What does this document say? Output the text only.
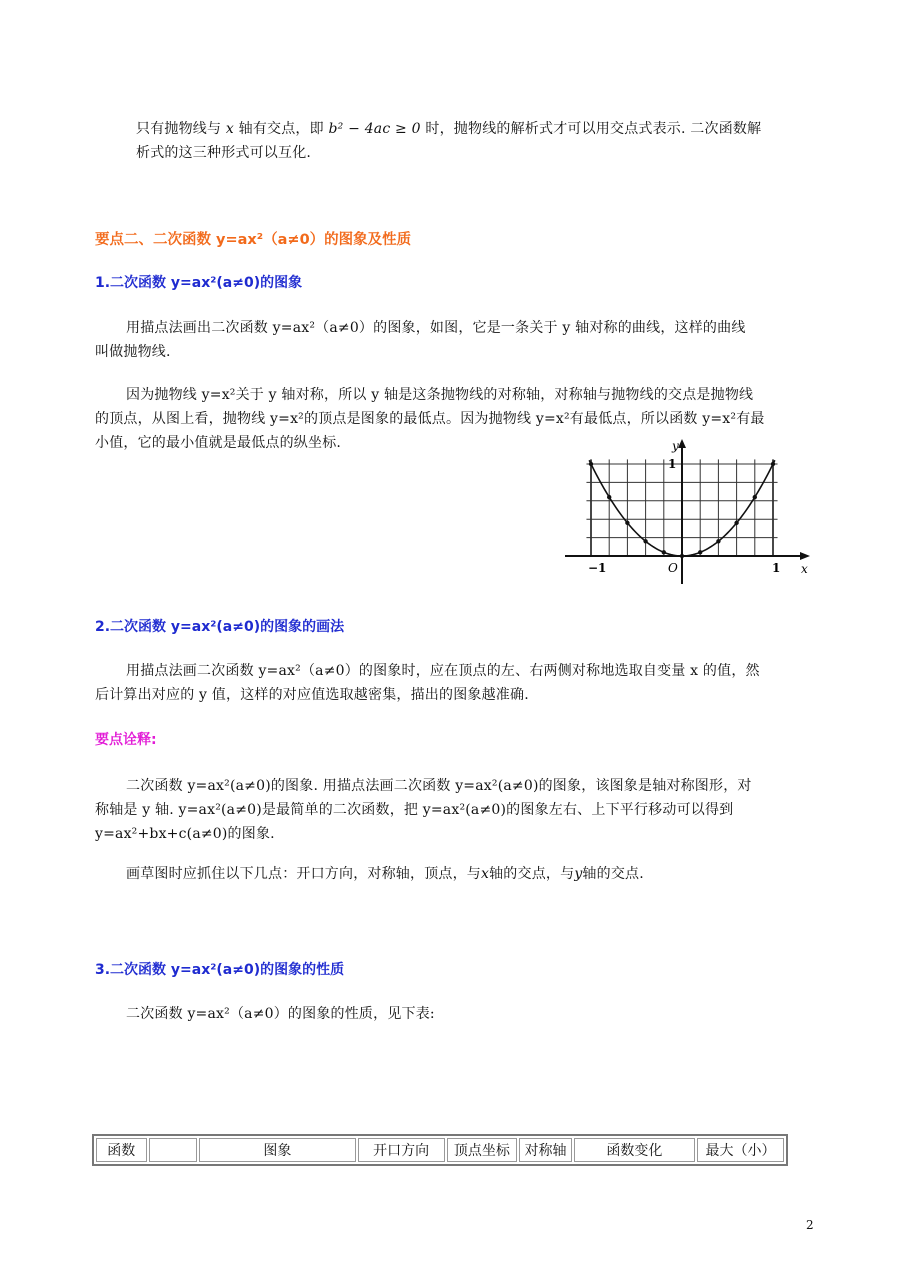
只有抛物线与 x 轴有交点，即 b² − 4ac ≥ 0 时，抛物线的解析式才可以用交点式表示. 二次函数解
析式的这三种形式可以互化.
要点二、二次函数 y=ax²（a≠0）的图象及性质
1.二次函数 y=ax²(a≠0)的图象
用描点法画出二次函数 y=ax²（a≠0）的图象，如图，它是一条关于 y 轴对称的曲线，这样的曲线
叫做抛物线.
因为抛物线 y=x²关于 y 轴对称，所以 y 轴是这条抛物线的对称轴，对称轴与抛物线的交点是抛物线
的顶点，从图上看，抛物线 y=x²的顶点是图象的最低点。因为抛物线 y=x²有最低点，所以函数 y=x²有最
小值，它的最小值就是最低点的纵坐标.	y
x
1
−1	1
O
2.二次函数 y=ax²(a≠0)的图象的画法
用描点法画二次函数 y=ax²（a≠0）的图象时，应在顶点的左、右两侧对称地选取自变量 x 的值，然
后计算出对应的 y 值，这样的对应值选取越密集，描出的图象越准确.
要点诠释:
二次函数 y=ax²(a≠0)的图象. 用描点法画二次函数 y=ax²(a≠0)的图象，该图象是轴对称图形，对
称轴是 y 轴. y=ax²(a≠0)是最简单的二次函数，把 y=ax²(a≠0)的图象左右、上下平行移动可以得到
y=ax²+bx+c(a≠0)的图象.
画草图时应抓住以下几点：开口方向，对称轴，顶点，与x轴的交点，与y轴的交点.
3.二次函数 y=ax²(a≠0)的图象的性质
二次函数 y=ax²（a≠0）的图象的性质，见下表:
函数		图象	开口方向	顶点坐标	对称轴	函数变化	最大（小）
2
